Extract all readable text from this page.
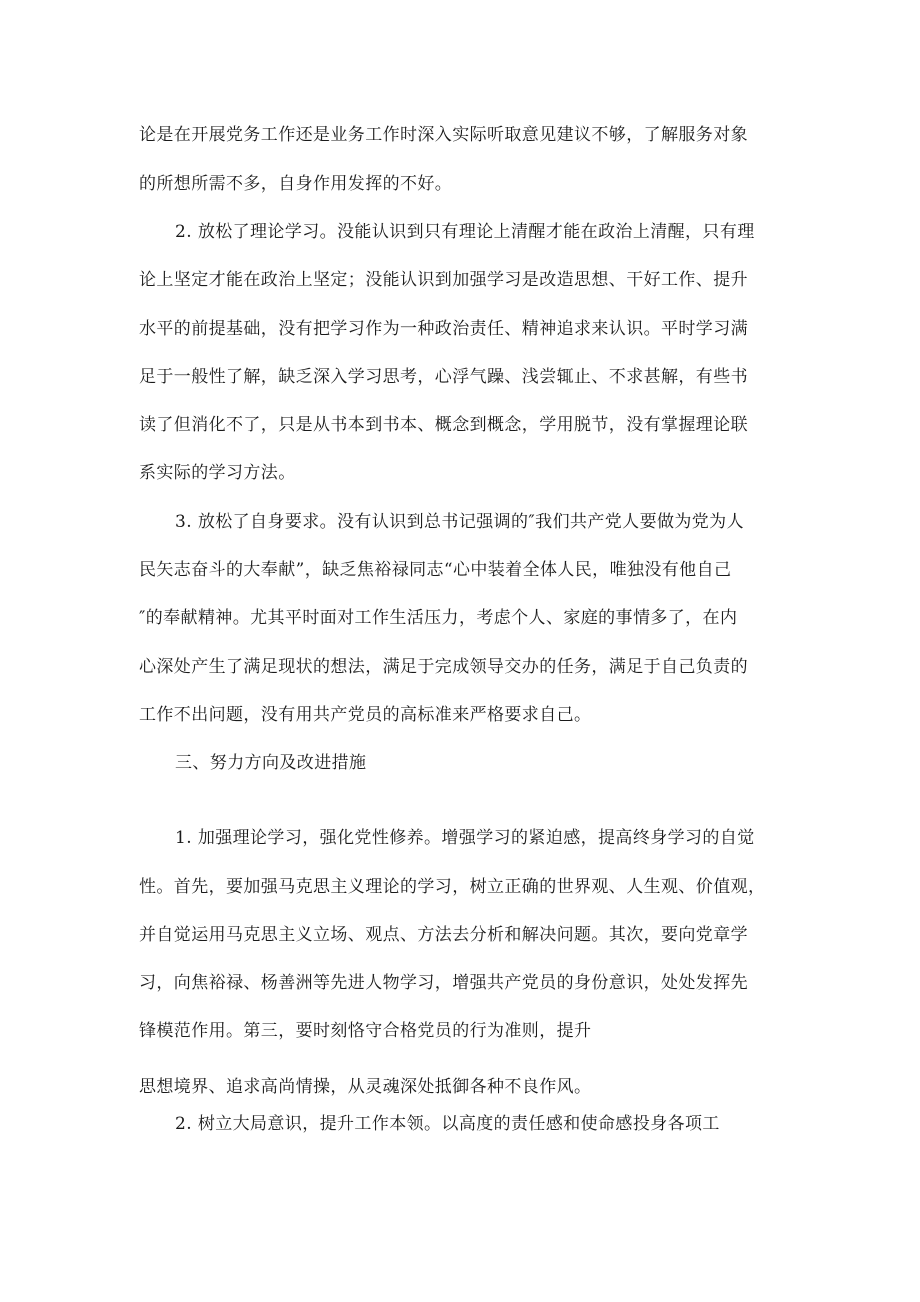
论是在开展党务工作还是业务工作时深入实际听取意见建议不够，了解服务对象
的所想所需不多，自身作用发挥的不好。
2. 放松了理论学习。没能认识到只有理论上清醒才能在政治上清醒，只有理
论上坚定才能在政治上坚定；没能认识到加强学习是改造思想、干好工作、提升
水平的前提基础，没有把学习作为一种政治责任、精神追求来认识。平时学习满
足于一般性了解，缺乏深入学习思考，心浮气躁、浅尝辄止、不求甚解，有些书
读了但消化不了，只是从书本到书本、概念到概念，学用脱节，没有掌握理论联
系实际的学习方法。
3. 放松了自身要求。没有认识到总书记强调的″我们共产党人要做为党为人
民矢志奋斗的大奉献”，缺乏焦裕禄同志“心中装着全体人民，唯独没有他自己
″的奉献精神。尤其平时面对工作生活压力，考虑个人、家庭的事情多了，在内
心深处产生了满足现状的想法，满足于完成领导交办的任务，满足于自己负责的
工作不出问题，没有用共产党员的高标准来严格要求自己。
三、努力方向及改进措施
1. 加强理论学习，强化党性修养。增强学习的紧迫感，提高终身学习的自觉
性。首先，要加强马克思主义理论的学习，树立正确的世界观、人生观、价值观，
并自觉运用马克思主义立场、观点、方法去分析和解决问题。其次，要向党章学
习，向焦裕禄、杨善洲等先进人物学习，增强共产党员的身份意识，处处发挥先
锋模范作用。第三，要时刻恪守合格党员的行为准则，提升
思想境界、追求高尚情操，从灵魂深处抵御各种不良作风。
2. 树立大局意识，提升工作本领。以高度的责任感和使命感投身各项工
